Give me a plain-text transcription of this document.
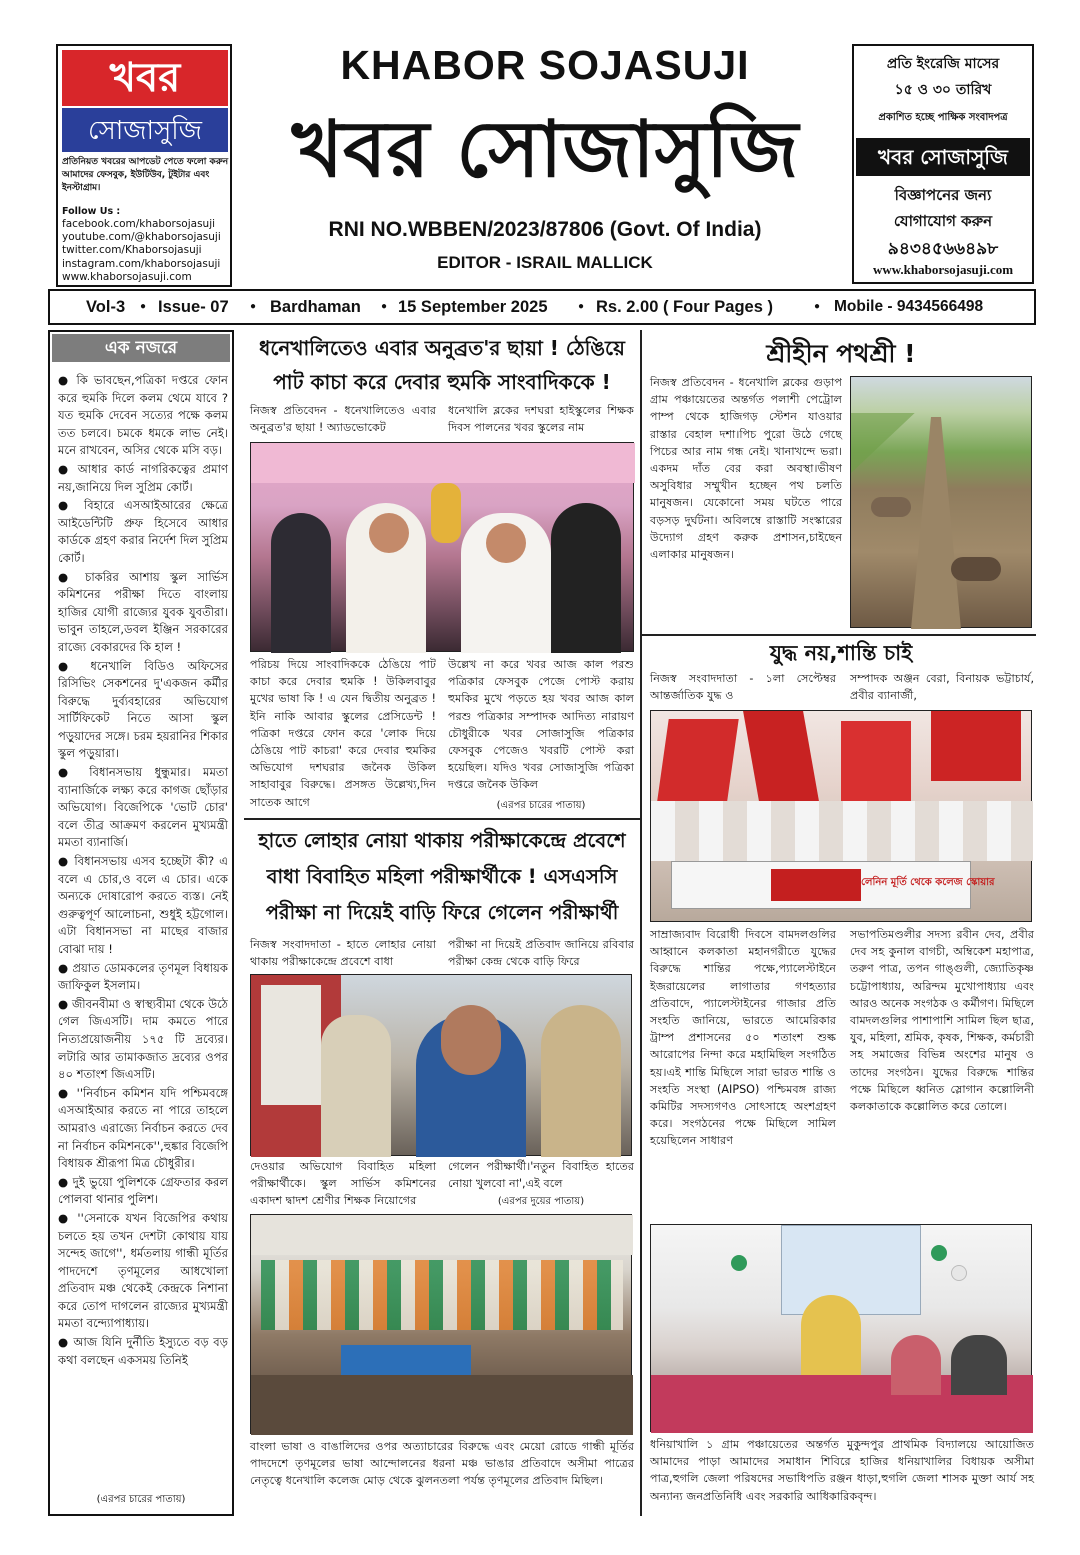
খবর
সোজাসুজি
প্রতিনিয়ত খবরের আপডেট পেতে ফলো করুন আমাদের ফেসবুক, ইউটিউব, টুইটার এবং ইনস্টাগ্রাম।
Follow Us :
facebook.com/khaborsojasuji
youtube.com/@khaborsojasuji
twitter.com/Khaborsojasuji
instagram.com/khaborsojasuji
www.khaborsojasuji.com
KHABOR SOJASUJI
খবর সোজাসুজি
RNI NO.WBBEN/2023/87806 (Govt. Of India)
EDITOR - ISRAIL MALLICK
প্রতি ইংরেজি মাসের
১৫ ও ৩০ তারিখ
প্রকাশিত হচ্ছে পাক্ষিক সংবাদপত্র
খবর সোজাসুজি
বিজ্ঞাপনের জন্য
যোগাযোগ করুন
৯৪৩৪৫৬৬৪৯৮
www.khaborsojasuji.com
Vol-3 ● Issue- 07 ● Bardhaman ● 15 September 2025	● Rs. 2.00 ( Four Pages )	● Mobile - 9434566498
এক নজরে
● কি ভাবছেন,পত্রিকা দপ্তরে ফোন করে হুমকি দিলে কলম থেমে যাবে ? যত হুমকি দেবেন সত্যের পক্ষে কলম তত চলবে। চমকে ধমকে লাভ নেই। মনে রাখবেন, অসির থেকে মসি বড়।
● আধার কার্ড নাগরিকত্বের প্রমাণ নয়,জানিয়ে দিল সুপ্রিম কোর্ট।
● বিহারে এসআইআরের ক্ষেত্রে আইডেন্টিটি প্রুফ হিসেবে আধার কার্ডকে গ্রহণ করার নির্দেশ দিল সুপ্রিম কোর্ট।
● চাকরির আশায় স্কুল সার্ভিস কমিশনের পরীক্ষা দিতে বাংলায় হাজির যোগী রাজ্যের যুবক যুবতীরা। ভাবুন তাহলে,ডবল ইঞ্জিন সরকারের রাজ্যে বেকারদের কি হাল !
● ধনেখালি বিডিও অফিসের রিসিভিং সেকশনের দু'একজন কর্মীর বিরুদ্ধে দুর্ব্যবহারের অভিযোগ সার্টিফিকেট নিতে আসা স্কুল পড়ুয়াদের সঙ্গে। চরম হয়রানির শিকার স্কুল পড়ুয়ারা।
● বিধানসভায় ধুন্ধুমার। মমতা ব্যানার্জিকে লক্ষ্য করে কাগজ ছোঁড়ার অভিযোগ। বিজেপিকে 'ভোট চোর' বলে তীব্র আক্রমণ করলেন মুখ্যমন্ত্রী মমতা ব্যানার্জি।
● বিধানসভায় এসব হচ্ছেটা কী? এ বলে এ চোর,ও বলে এ চোর। একে অন্যকে দোষারোপ করতে ব্যস্ত। নেই গুরুত্বপূর্ণ আলোচনা, শুধুই হট্টগোল। এটা বিধানসভা না মাছের বাজার বোঝা দায় !
● প্রয়াত ডোমকলের তৃণমূল বিধায়ক জাফিকুল ইসলাম।
● জীবনবীমা ও স্বাস্থ্যবীমা থেকে উঠে গেল জিএসটি। দাম কমতে পারে নিত্যপ্রয়োজনীয় ১৭৫ টি দ্রব্যের। লটারি আর তামাকজাত দ্রব্যের ওপর ৪০ শতাংশ জিএসটি।
● ''নির্বাচন কমিশন যদি পশ্চিমবঙ্গে এসআইআর করতে না পারে তাহলে আমরাও এরাজ্যে নির্বাচন করতে দেব না নির্বাচন কমিশনকে'',হুঙ্কার বিজেপি বিধায়ক শ্রীরূপা মিত্র চৌধুরীর।
● দুই ভুয়ো পুলিশকে গ্রেফতার করল পোলবা থানার পুলিশ।
● ''সেনাকে যখন বিজেপির কথায় চলতে হয় তখন দেশটা কোথায় যায় সন্দেহ জাগে'', ধর্মতলায় গান্ধী মূর্তির পাদদেশে তৃণমূলের আধখোলা প্রতিবাদ মঞ্চ থেকেই কেন্দ্রকে নিশানা করে তোপ দাগলেন রাজ্যের মুখ্যমন্ত্রী মমতা বন্দ্যোপাধ্যায়।
● আজ যিনি দুর্নীতি ইস্যুতে বড় বড় কথা বলছেন একসময় তিনিই
(এরপর চারের পাতায়)
ধনেখালিতেও এবার অনুব্রত'র ছায়া ! ঠেঙিয়ে
পাট কাচা করে দেবার হুমকি সাংবাদিককে !
নিজস্ব প্রতিবেদন - ধনেখালিতেও এবার অনুব্রত'র ছায়া ! অ্যাডভোকেট
ধনেখালি ব্লকের দশঘরা হাইস্কুলের শিক্ষক দিবস পালনের খবর স্কুলের নাম
পরিচয় দিয়ে সাংবাদিককে ঠেঙিয়ে পাট কাচা করে দেবার হুমকি ! উকিলবাবুর মুখের ভাষা কি ! এ যেন দ্বিতীয় অনুব্রত ! ইনি নাকি আবার স্কুলের প্রেসিডেন্ট ! পত্রিকা দপ্তরে ফোন করে 'লোক দিয়ে ঠেঙিয়ে পাট কাচরা' করে দেবার হুমকির অভিযোগ দশঘরার জনৈক উকিল সাহাবাবুর বিরুদ্ধে। প্রসঙ্গত উল্লেখ্য,দিন সাতেক আগে
উল্লেখ না করে খবর আজ কাল পরশু পত্রিকার ফেসবুক পেজে পোস্ট করায় হুমকির মুখে পড়তে হয় খবর আজ কাল পরশু পত্রিকার সম্পাদক আদিত্য নারায়ণ চৌধুরীকে খবর সোজাসুজি পত্রিকার ফেসবুক পেজেও খবরটি পোস্ট করা হয়েছিল। যদিও খবর সোজাসুজি পত্রিকা দপ্তরে জনৈক উকিল
(এরপর চারের পাতায়)
হাতে লোহার নোয়া থাকায় পরীক্ষাকেন্দ্রে প্রবেশে
বাধা বিবাহিত মহিলা পরীক্ষার্থীকে ! এসএসসি
পরীক্ষা না দিয়েই বাড়ি ফিরে গেলেন পরীক্ষার্থী
নিজস্ব সংবাদদাতা - হাতে লোহার নোয়া থাকায় পরীক্ষাকেন্দ্রে প্রবেশে বাধা
পরীক্ষা না দিয়েই প্রতিবাদ জানিয়ে রবিবার পরীক্ষা কেন্দ্র থেকে বাড়ি ফিরে
দেওয়ার অভিযোগ বিবাহিত মহিলা পরীক্ষার্থীকে। স্কুল সার্ভিস কমিশনের একাদশ দ্বাদশ শ্রেণীর শিক্ষক নিয়োগের
গেলেন পরীক্ষার্থী।'নতুন বিবাহিত হাতের নোয়া খুলবো না',এই বলে
(এরপর দুয়ের পাতায়)
বাংলা ভাষা ও বাঙালিদের ওপর অত্যাচারের বিরুদ্ধে এবং মেয়ো রোডে গান্ধী মূর্তির পাদদেশে তৃণমূলের ভাষা আন্দোলনের ধরনা মঞ্চ ভাঙার প্রতিবাদে অসীমা পাত্রের নেতৃত্বে ধনেখালি কলেজ মোড় থেকে ঝুলনতলা পর্যন্ত তৃণমূলের প্রতিবাদ মিছিল।
শ্রীহীন পথশ্রী !
নিজস্ব প্রতিবেদন - ধনেখালি ব্লকের গুড়াপ গ্রাম পঞ্চায়েতের অন্তর্গত পলাশী পেট্রোল পাম্প থেকে হাজিগড় স্টেশন যাওয়ার রাস্তার বেহাল দশা।পিচ পুরো উঠে গেছে পিচের আর নাম গন্ধ নেই। খানাখন্দে ভরা। একদম দাঁত বের করা অবস্থা।ভীষণ অসুবিধার সম্মুখীন হচ্ছেন পথ চলতি মানুষজন। যেকোনো সময় ঘটতে পারে বড়সড় দুর্ঘটনা। অবিলম্বে রাস্তাটি সংস্কারের উদ্যোগ গ্রহণ করুক প্রশাসন,চাইছেন এলাকার মানুষজন।
যুদ্ধ নয়,শান্তি চাই
নিজস্ব সংবাদদাতা - ১লা সেপ্টেম্বর আন্তর্জাতিক যুদ্ধ ও
সম্পাদক অঞ্জন বেরা, বিনায়ক ভট্টাচার্য, প্রবীর ব্যানার্জী,
লেনিন মূর্তি থেকে কলেজ স্কোয়ার
সাম্রাজ্যবাদ বিরোধী দিবসে বামদলগুলির আহ্বানে কলকাতা মহানগরীতে যুদ্ধের বিরুদ্ধে শান্তির পক্ষে,প্যালেস্টাইনে ইজরায়েলের লাগাতার গণহত্যার প্রতিবাদে, প্যালেস্টাইনের গাজার প্রতি সংহতি জানিয়ে, ভারতে আমেরিকার ট্রাম্প প্রশাসনের ৫০ শতাংশ শুল্ক আরোপের নিন্দা করে মহামিছিল সংগঠিত হয়।এই শান্তি মিছিলে সারা ভারত শান্তি ও সংহতি সংস্থা (AIPSO) পশ্চিমবঙ্গ রাজ্য কমিটির সদস্যগণও সোৎসাহে অংশগ্রহণ করে। সংগঠনের পক্ষে মিছিলে সামিল হয়েছিলেন সাধারণ
সভাপতিমণ্ডলীর সদস্য রবীন দেব, প্রবীর দেব সহ কুনাল বাগচী, অম্বিকেশ মহাপাত্র, তরুণ পাত্র, তপন গাঙ্গুলী, জ্যোতিকৃষ্ণ চট্টোপাধ্যায়, অরিন্দম মুখোপাধ্যায় এবং আরও অনেক সংগঠক ও কর্মীগণ। মিছিলে বামদলগুলির পাশাপাশি সামিল ছিল ছাত্র, যুব, মহিলা, শ্রমিক, কৃষক, শিক্ষক, কর্মচারী সহ সমাজের বিভিন্ন অংশের মানুষ ও তাদের সংগঠন। যুদ্ধের বিরুদ্ধে শান্তির পক্ষে মিছিলে ধ্বনিত স্লোগান কল্লোলিনী কলকাতাকে কল্লোলিত করে তোলে।
ধনিয়াখালি ১ গ্রাম পঞ্চায়েতের অন্তর্গত মুকুন্দপুর প্রাথমিক বিদ্যালয়ে আয়োজিত আমাদের পাড়া আমাদের সমাধান শিবিরে হাজির ধনিয়াখালির বিধায়ক অসীমা পাত্র,হুগলি জেলা পরিষদের সভাধিপতি রঞ্জন ধাড়া,হুগলি জেলা শাসক মুক্তা আর্য সহ অন্যান্য জনপ্রতিনিধি এবং সরকারি আধিকারিকবৃন্দ।
